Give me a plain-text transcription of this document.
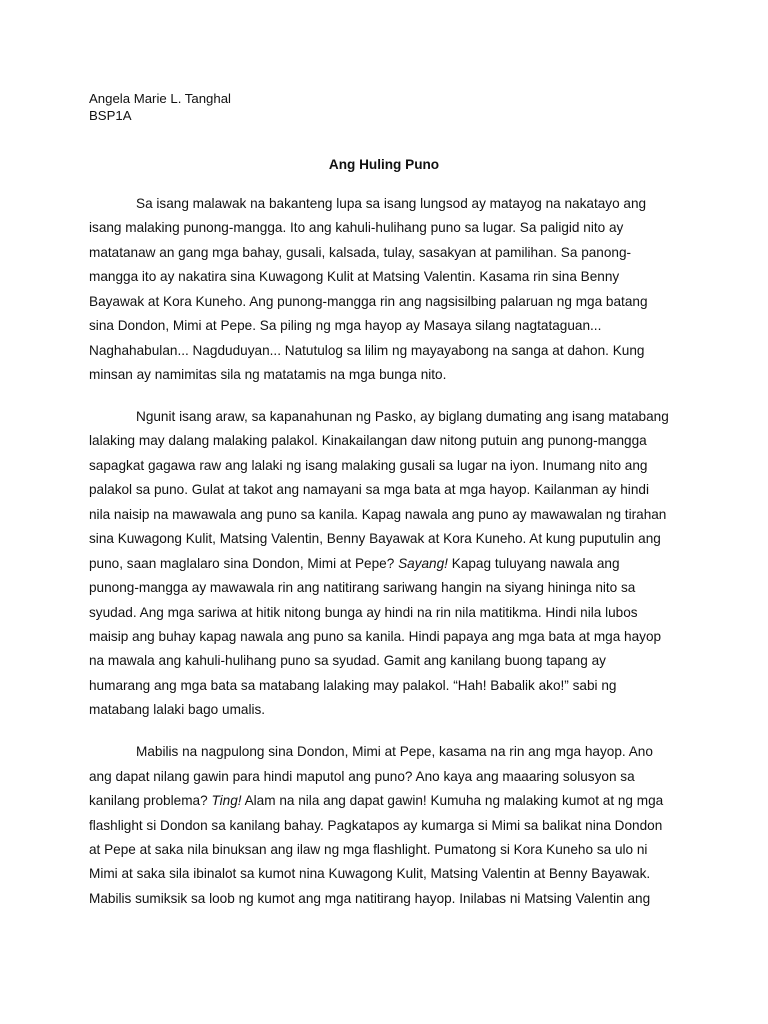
Angela Marie L. Tanghal
BSP1A
Ang Huling Puno
Sa isang malawak na bakanteng lupa sa isang lungsod ay matayog na nakatayo ang
isang malaking punong-mangga. Ito ang kahuli-hulihang puno sa lugar. Sa paligid nito ay
matatanaw an gang mga bahay, gusali, kalsada, tulay, sasakyan at pamilihan. Sa panong-
mangga ito ay nakatira sina Kuwagong Kulit at Matsing Valentin. Kasama rin sina Benny
Bayawak at Kora Kuneho. Ang punong-mangga rin ang nagsisilbing palaruan ng mga batang
sina Dondon, Mimi at Pepe. Sa piling ng mga hayop ay Masaya silang nagtataguan...
Naghahabulan... Nagduduyan... Natutulog sa lilim ng mayayabong na sanga at dahon. Kung
minsan ay namimitas sila ng matatamis na mga bunga nito.
Ngunit isang araw, sa kapanahunan ng Pasko, ay biglang dumating ang isang matabang
lalaking may dalang malaking palakol. Kinakailangan daw nitong putuin ang punong-mangga
sapagkat gagawa raw ang lalaki ng isang malaking gusali sa lugar na iyon. Inumang nito ang
palakol sa puno. Gulat at takot ang namayani sa mga bata at mga hayop. Kailanman ay hindi
nila naisip na mawawala ang puno sa kanila. Kapag nawala ang puno ay mawawalan ng tirahan
sina Kuwagong Kulit, Matsing Valentin, Benny Bayawak at Kora Kuneho. At kung puputulin ang
puno, saan maglalaro sina Dondon, Mimi at Pepe? Sayang! Kapag tuluyang nawala ang
punong-mangga ay mawawala rin ang natitirang sariwang hangin na siyang hininga nito sa
syudad. Ang mga sariwa at hitik nitong bunga ay hindi na rin nila matitikma. Hindi nila lubos
maisip ang buhay kapag nawala ang puno sa kanila. Hindi papaya ang mga bata at mga hayop
na mawala ang kahuli-hulihang puno sa syudad. Gamit ang kanilang buong tapang ay
humarang ang mga bata sa matabang lalaking may palakol. “Hah! Babalik ako!” sabi ng
matabang lalaki bago umalis.
Mabilis na nagpulong sina Dondon, Mimi at Pepe, kasama na rin ang mga hayop. Ano
ang dapat nilang gawin para hindi maputol ang puno? Ano kaya ang maaaring solusyon sa
kanilang problema? Ting! Alam na nila ang dapat gawin! Kumuha ng malaking kumot at ng mga
flashlight si Dondon sa kanilang bahay. Pagkatapos ay kumarga si Mimi sa balikat nina Dondon
at Pepe at saka nila binuksan ang ilaw ng mga flashlight. Pumatong si Kora Kuneho sa ulo ni
Mimi at saka sila ibinalot sa kumot nina Kuwagong Kulit, Matsing Valentin at Benny Bayawak.
Mabilis sumiksik sa loob ng kumot ang mga natitirang hayop. Inilabas ni Matsing Valentin ang
